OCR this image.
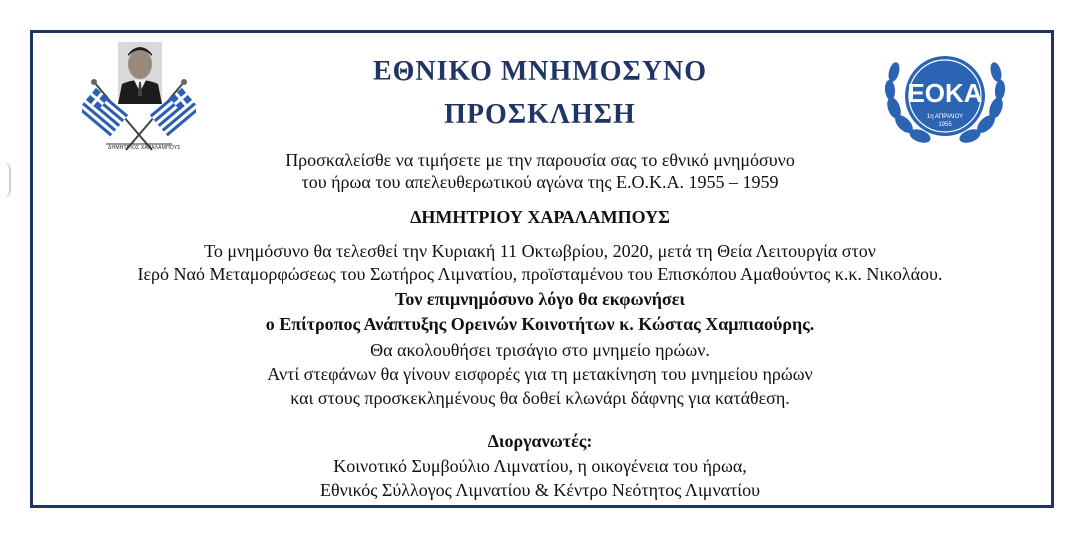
ΔΗΜΗΤΡΙΟΣ ΧΑΡΑΛΑΜΠΟΥΣ
ΕΟΚΑ
1η ΑΠΡΙΛΙΟΥ
1955
ΕΘΝΙΚΟ ΜΝΗΜΟΣΥΝΟ
ΠΡΟΣΚΛΗΣΗ
Προσκαλείσθε να τιμήσετε με την παρουσία σας το εθνικό μνημόσυνο
του ήρωα του απελευθερωτικού αγώνα της Ε.Ο.Κ.Α. 1955 – 1959
ΔΗΜΗΤΡΙΟΥ ΧΑΡΑΛΑΜΠΟΥΣ
Το μνημόσυνο θα τελεσθεί την Κυριακή 11 Οκτωβρίου, 2020, μετά τη Θεία Λειτουργία στον
Ιερό Ναό Μεταμορφώσεως του Σωτήρος Λιμνατίου, προϊσταμένου του Επισκόπου Αμαθούντος κ.κ. Νικολάου.
Τον επιμνημόσυνο λόγο θα εκφωνήσει
ο Επίτροπος Ανάπτυξης Ορεινών Κοινοτήτων κ. Κώστας Χαμπιαούρης.
Θα ακολουθήσει τρισάγιο στο μνημείο ηρώων.
Αντί στεφάνων θα γίνουν εισφορές για τη μετακίνηση του μνημείου ηρώων
και στους προσκεκλημένους θα δοθεί κλωνάρι δάφνης για κατάθεση.
Διοργανωτές:
Κοινοτικό Συμβούλιο Λιμνατίου, η οικογένεια του ήρωα,
Εθνικός Σύλλογος Λιμνατίου & Κέντρο Νεότητος Λιμνατίου
